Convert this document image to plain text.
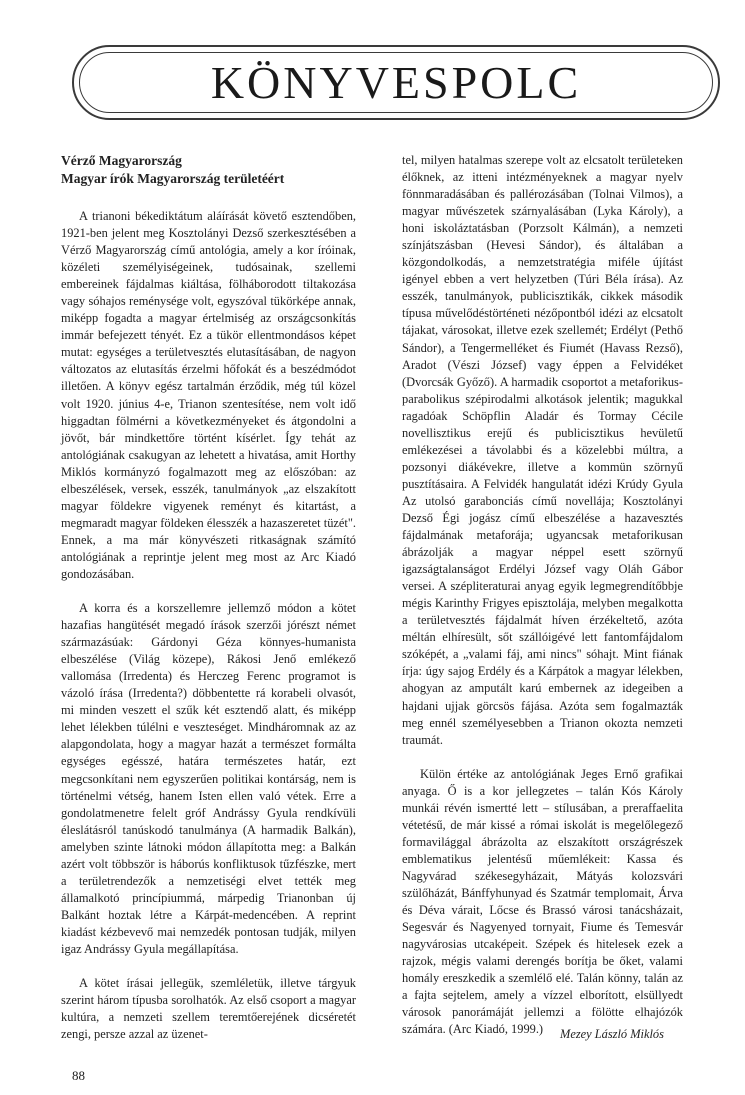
KÖNYVESPOLC
Vérző Magyarország
Magyar írók Magyarország területéért

A trianoni békediktátum aláírását követő esztendőben, 1921-ben jelent meg Kosztolányi Dezső szerkesztésében a Vérző Magyarország című antológia, amely a kor íróinak, közéleti személyiségeinek, tudósainak, szellemi embereinek fájdalmas kiáltása, fölháborodott tiltakozása vagy sóhajos reménysége volt, egyszóval tükörképe annak, miképp fogadta a magyar értelmiség az országcsonkítás immár befejezett tényét. Ez a tükör ellentmondásos képet mutat: egységes a területvesztés elutasításában, de nagyon változatos az elutasítás érzelmi hőfokát és a beszédmódot illetően. A könyv egész tartalmán érződik, még túl közel volt 1920. június 4-e, Trianon szentesítése, nem volt idő higgadtan fölmérni a következményeket és átgondolni a jövőt, bár mindkettőre történt kísérlet. Így tehát az antológiának csakugyan az lehetett a hivatása, amit Horthy Miklós kormányzó fogalmazott meg az előszóban: az elbeszélések, versek, esszék, tanulmányok „az elszakított magyar földekre vigyenek reményt és kitartást, a megmaradt magyar földeken élesszék a hazaszeretet tüzét". Ennek, a ma már könyvészeti ritkaságnak számító antológiának a reprintje jelent meg most az Arc Kiadó gondozásában.

A korra és a korszellemre jellemző módon a kötet hazafias hangütését megadó írások szerzői jórészt német származásúak: Gárdonyi Géza könnyes-humanista elbeszélése (Világ közepe), Rákosi Jenő emlékező vallomása (Irredenta) és Herczeg Ferenc programot is vázoló írása (Irredenta?) döbbentette rá korabeli olvasót, mi minden veszett el szűk két esztendő alatt, és miképp lehet lélekben túlélni e veszteséget. Mindháromnak az az alapgondolata, hogy a magyar hazát a természet formálta egységes egésszé, határa természetes határ, ezt megcsonkítani nem egyszerűen politikai kontárság, nem is történelmi vétség, hanem Isten ellen való vétek. Erre a gondolatmenetre felelt gróf Andrássy Gyula rendkívüli éleslátásról tanúskodó tanulmánya (A harmadik Balkán), amelyben szinte látnoki módon állapította meg: a Balkán azért volt többször is háborús konfliktusok tűzfészke, mert a területrendezők a nemzetiségi elvet tették meg államalkotó princípiummá, márpedig Trianonban új Balkánt hoztak létre a Kárpát-medencében. A reprint kiadást kézbevevő mai nemzedék pontosan tudják, milyen igaz Andrássy Gyula megállapítása.

A kötet írásai jellegük, szemléletük, illetve tárgyuk szerint három típusba sorolhatók. Az első csoport a magyar kultúra, a nemzeti szellem teremtőerejének dicséretét zengi, persze azzal az üzenet-

tel, milyen hatalmas szerepe volt az elcsatolt területeken élőknek, az itteni intézményeknek a magyar nyelv fönnmaradásában és pallérozásában (Tolnai Vilmos), a magyar művészetek szárnyalásában (Lyka Károly), a honi iskoláztatásban (Porzsolt Kálmán), a nemzeti színjátszásban (Hevesi Sándor), és általában a közgondolkodás, a nemzetstratégia miféle újítást igényel ebben a vert helyzetben (Túri Béla írása). Az esszék, tanulmányok, publicisztikák, cikkek második típusa művelődéstörténeti nézőpontból idézi az elcsatolt tájakat, városokat, illetve ezek szellemét; Erdélyt (Pethő Sándor), a Tengermelléket és Fiumét (Havass Rezső), Aradot (Vészi József) vagy éppen a Felvidéket (Dvorcsák Győző). A harmadik csoportot a metaforikus-parabolikus szépirodalmi alkotások jelentik; magukkal ragadóak Schöpflin Aladár és Tormay Cécile novellisztikus erejű és publicisztikus hevületű emlékezései a távolabbi és a közelebbi múltra, a pozsonyi diákévekre, illetve a kommün szörnyű pusztításaira. A Felvidék hangulatát idézi Krúdy Gyula Az utolsó garabonciás című novellája; Kosztolányi Dezső Égi jogász című elbeszélése a hazavesztés fájdalmának metaforája; ugyancsak metaforikusan ábrázolják a magyar néppel esett szörnyű igazságtalanságot Erdélyi József vagy Oláh Gábor versei. A szépliteraturai anyag egyik legmegrendítőbbje mégis Karinthy Frigyes episztolája, melyben megalkotta a területvesztés fájdalmát híven érzékeltető, azóta méltán elhíresült, sőt szállóigévé lett fantomfájdalom szóképét, a „valami fáj, ami nincs" sóhajt. Mint fiának írja: úgy sajog Erdély és a Kárpátok a magyar lélekben, ahogyan az amputált karú embernek az idegeiben a hajdani ujjak görcsös fájása. Azóta sem fogalmazták meg ennél személyesebben a Trianon okozta nemzeti traumát.

Külön értéke az antológiának Jeges Ernő grafikai anyaga. Ő is a kor jellegzetes – talán Kós Károly munkái révén ismertté lett – stílusában, a preraffaelita vétetésű, de már kissé a római iskolát is megelőlegező formavilággal ábrázolta az elszakított országrészek emblematikus jelentésű műemlékeit: Kassa és Nagyvárad székesegyházait, Mátyás kolozsvári szülőházát, Bánffyhunyad és Szatmár templomait, Árva és Déva várait, Lőcse és Brassó városi tanácsházait, Segesvár és Nagyenyed tornyait, Fiume és Temesvár nagyvárosias utcaképeit. Szépek és hitelesek ezek a rajzok, mégis valami derengés borítja be őket, valami homály ereszkedik a szemlélő elé. Talán könny, talán az a fajta sejtelem, amely a vízzel elborított, elsüllyedt városok panorámáját jellemzi a fölötte elhajózók számára. (Arc Kiadó, 1999.)	Mezey László Miklós
88
